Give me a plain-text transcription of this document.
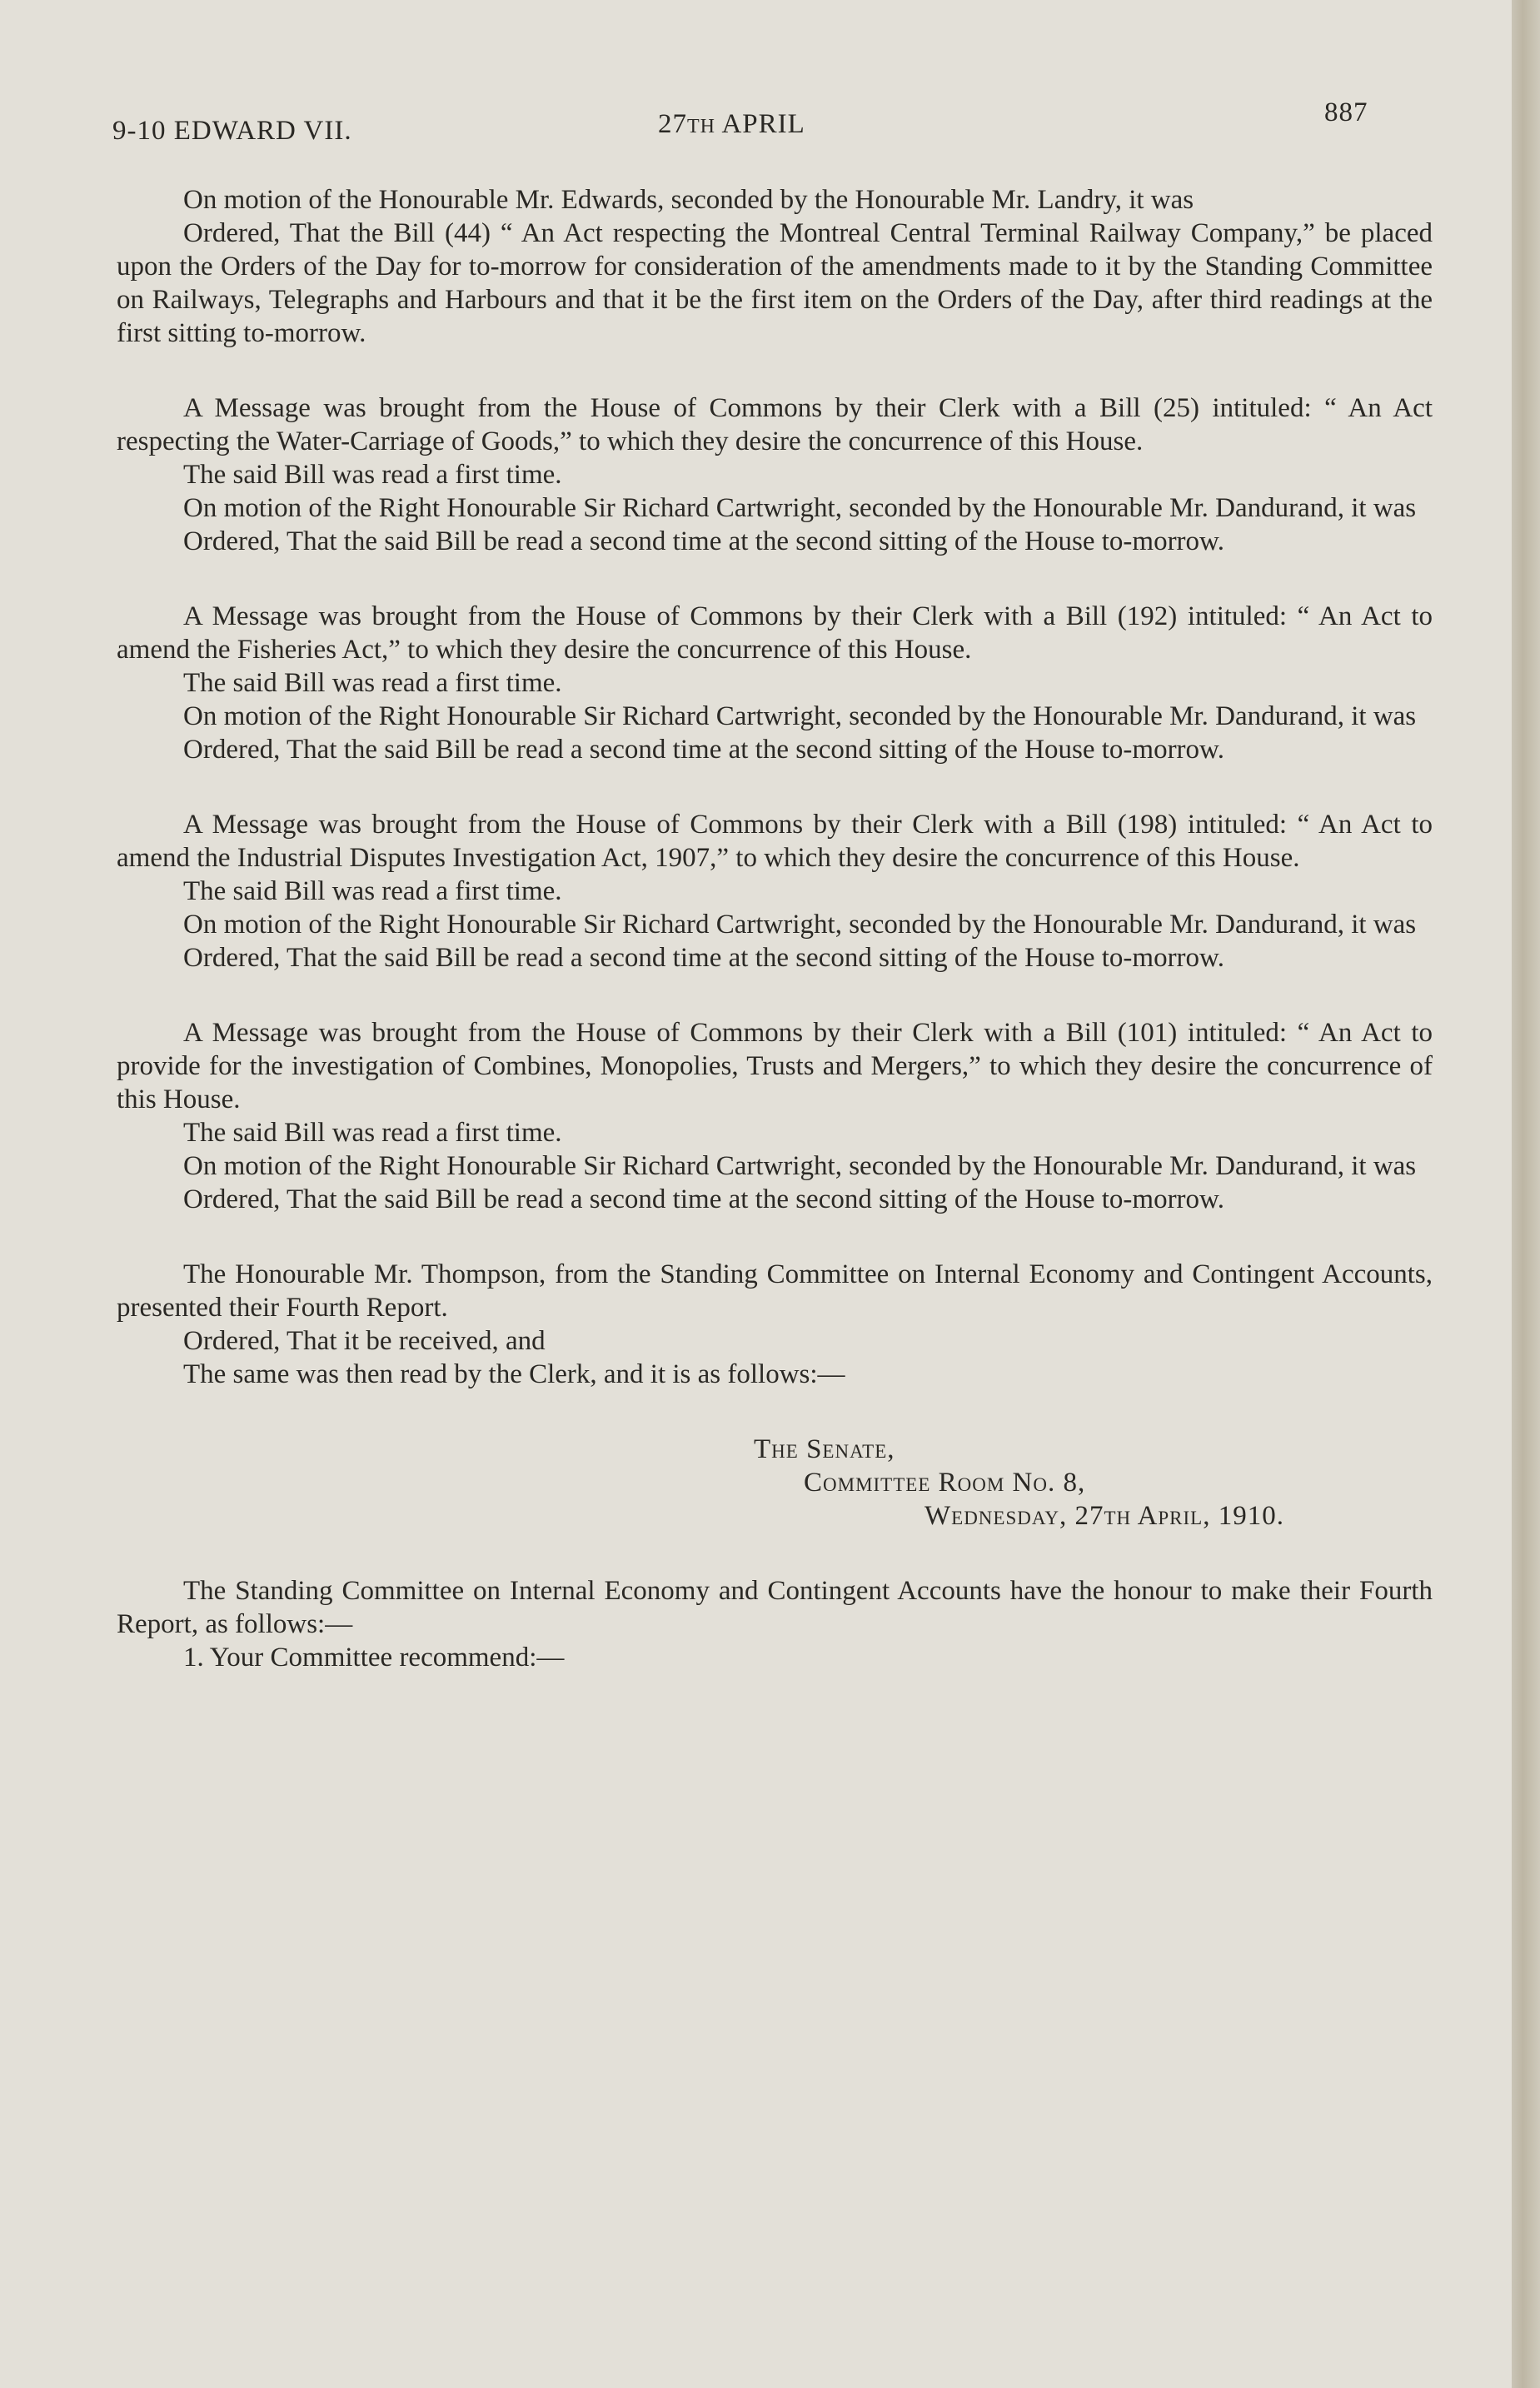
9-10 EDWARD VII.	27TH APRIL	887

On motion of the Honourable Mr. Edwards, seconded by the Honourable Mr. Landry, it was

Ordered, That the Bill (44) “ An Act respecting the Montreal Central Terminal Railway Company,” be placed upon the Orders of the Day for to-morrow for consideration of the amendments made to it by the Standing Committee on Railways, Telegraphs and Harbours and that it be the first item on the Orders of the Day, after third readings at the first sitting to-morrow.

A Message was brought from the House of Commons by their Clerk with a Bill (25) intituled: “ An Act respecting the Water-Carriage of Goods,” to which they desire the concurrence of this House.

The said Bill was read a first time.

On motion of the Right Honourable Sir Richard Cartwright, seconded by the Honourable Mr. Dandurand, it was

Ordered, That the said Bill be read a second time at the second sitting of the House to-morrow.

A Message was brought from the House of Commons by their Clerk with a Bill (192) intituled: “ An Act to amend the Fisheries Act,” to which they desire the concurrence of this House.

The said Bill was read a first time.

On motion of the Right Honourable Sir Richard Cartwright, seconded by the Honourable Mr. Dandurand, it was

Ordered, That the said Bill be read a second time at the second sitting of the House to-morrow.

A Message was brought from the House of Commons by their Clerk with a Bill (198) intituled: “ An Act to amend the Industrial Disputes Investigation Act, 1907,” to which they desire the concurrence of this House.

The said Bill was read a first time.

On motion of the Right Honourable Sir Richard Cartwright, seconded by the Honourable Mr. Dandurand, it was

Ordered, That the said Bill be read a second time at the second sitting of the House to-morrow.

A Message was brought from the House of Commons by their Clerk with a Bill (101) intituled: “ An Act to provide for the investigation of Combines, Monopolies, Trusts and Mergers,” to which they desire the concurrence of this House.

The said Bill was read a first time.

On motion of the Right Honourable Sir Richard Cartwright, seconded by the Honourable Mr. Dandurand, it was

Ordered, That the said Bill be read a second time at the second sitting of the House to-morrow.

The Honourable Mr. Thompson, from the Standing Committee on Internal Economy and Contingent Accounts, presented their Fourth Report.

Ordered, That it be received, and

The same was then read by the Clerk, and it is as follows:—

The Senate,
Committee Room No. 8,
Wednesday, 27th April, 1910.

The Standing Committee on Internal Economy and Contingent Accounts have the honour to make their Fourth Report, as follows:—

1. Your Committee recommend:—
